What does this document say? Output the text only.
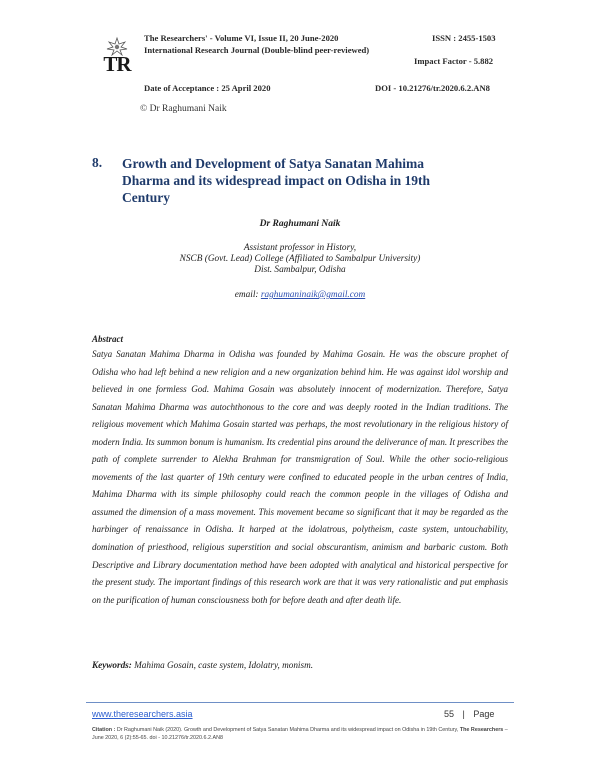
TR
The Researchers' - Volume VI, Issue II, 20 June-2020
International Research Journal (Double-blind peer-reviewed)
ISSN : 2455-1503
Impact Factor - 5.882
Date of Acceptance : 25 April 2020	DOI - 10.21276/tr.2020.6.2.AN8
© Dr Raghumani Naik
8. Growth and Development of Satya Sanatan Mahima Dharma and its widespread impact on Odisha in 19th Century
Dr Raghumani Naik
Assistant professor in History,
NSCB (Govt. Lead) College (Affiliated to Sambalpur University)
Dist. Sambalpur, Odisha
email: raghumaninaik@gmail.com
Abstract
Satya Sanatan Mahima Dharma in Odisha was founded by Mahima Gosain. He was the obscure prophet of Odisha who had left behind a new religion and a new organization behind him. He was against idol worship and believed in one formless God. Mahima Gosain was absolutely innocent of modernization. Therefore, Satya Sanatan Mahima Dharma was autochthonous to the core and was deeply rooted in the Indian traditions. The religious movement which Mahima Gosain started was perhaps, the most revolutionary in the religious history of modern India. Its summon bonum is humanism. Its credential pins around the deliverance of man. It prescribes the path of complete surrender to Alekha Brahman for transmigration of Soul. While the other socio-religious movements of the last quarter of 19th century were confined to educated people in the urban centres of India, Mahima Dharma with its simple philosophy could reach the common people in the villages of Odisha and assumed the dimension of a mass movement. This movement became so significant that it may be regarded as the harbinger of renaissance in Odisha. It harped at the idolatrous, polytheism, caste system, untouchability, domination of priesthood, religious superstition and social obscurantism, animism and barbaric custom. Both Descriptive and Library documentation method have been adopted with analytical and historical perspective for the present study. The important findings of this research work are that it was very rationalistic and put emphasis on the purification of human consciousness both for before death and after death life.
Keywords: Mahima Gosain, caste system, Idolatry, monism.
www.theresearchers.asia	55 | Page
Citation : Dr Raghumani Naik (2020). Growth and Development of Satya Sanatan Mahima Dharma and its widespread impact on Odisha in 19th Century, The Researchers – June 2020, 6 (2):55-65. doi - 10.21276/tr.2020.6.2.AN8
